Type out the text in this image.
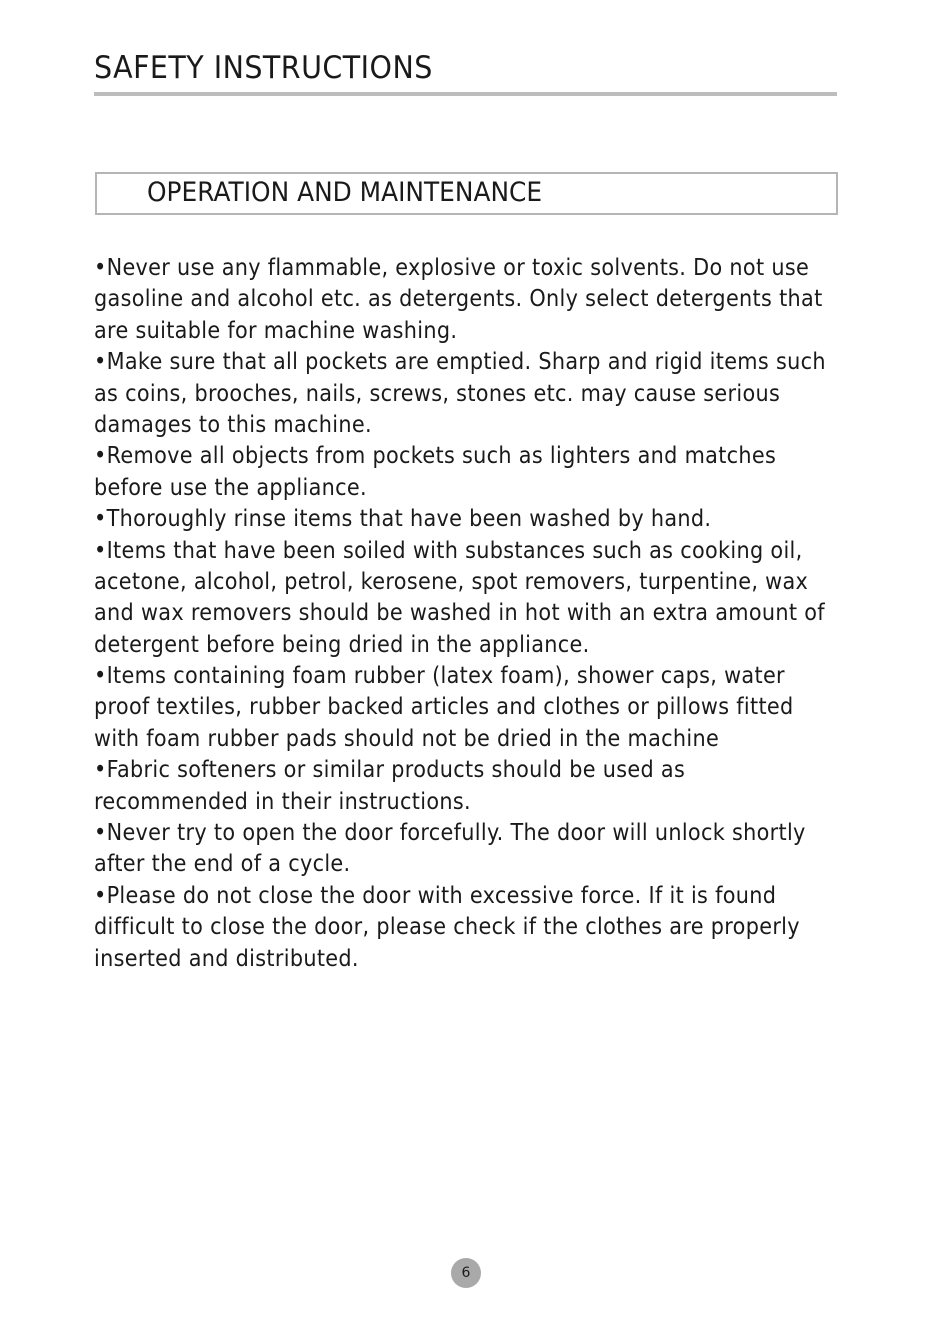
SAFETY INSTRUCTIONS
OPERATION AND MAINTENANCE
•Never use any flammable, explosive or toxic solvents. Do not use
gasoline and alcohol etc. as detergents. Only select detergents that
are suitable for machine washing.
•Make sure that all pockets are emptied. Sharp and rigid items such
as coins, brooches, nails, screws, stones etc. may cause serious
damages to this machine.
•Remove all objects from pockets such as lighters and matches
before use the appliance.
•Thoroughly rinse items that have been washed by hand.
•Items that have been soiled with substances such as cooking oil,
acetone, alcohol, petrol, kerosene, spot removers, turpentine, wax
and wax removers should be washed in hot with an extra amount of
detergent before being dried in the appliance.
•Items containing foam rubber (latex foam), shower caps, water
proof textiles, rubber backed articles and clothes or pillows fitted
with foam rubber pads should not be dried in the machine
•Fabric softeners or similar products should be used as
recommended in their instructions.
•Never try to open the door forcefully. The door will unlock shortly
after the end of a cycle.
•Please do not close the door with excessive force. If it is found
difficult to close the door, please check if the clothes are properly
inserted and distributed.
6
